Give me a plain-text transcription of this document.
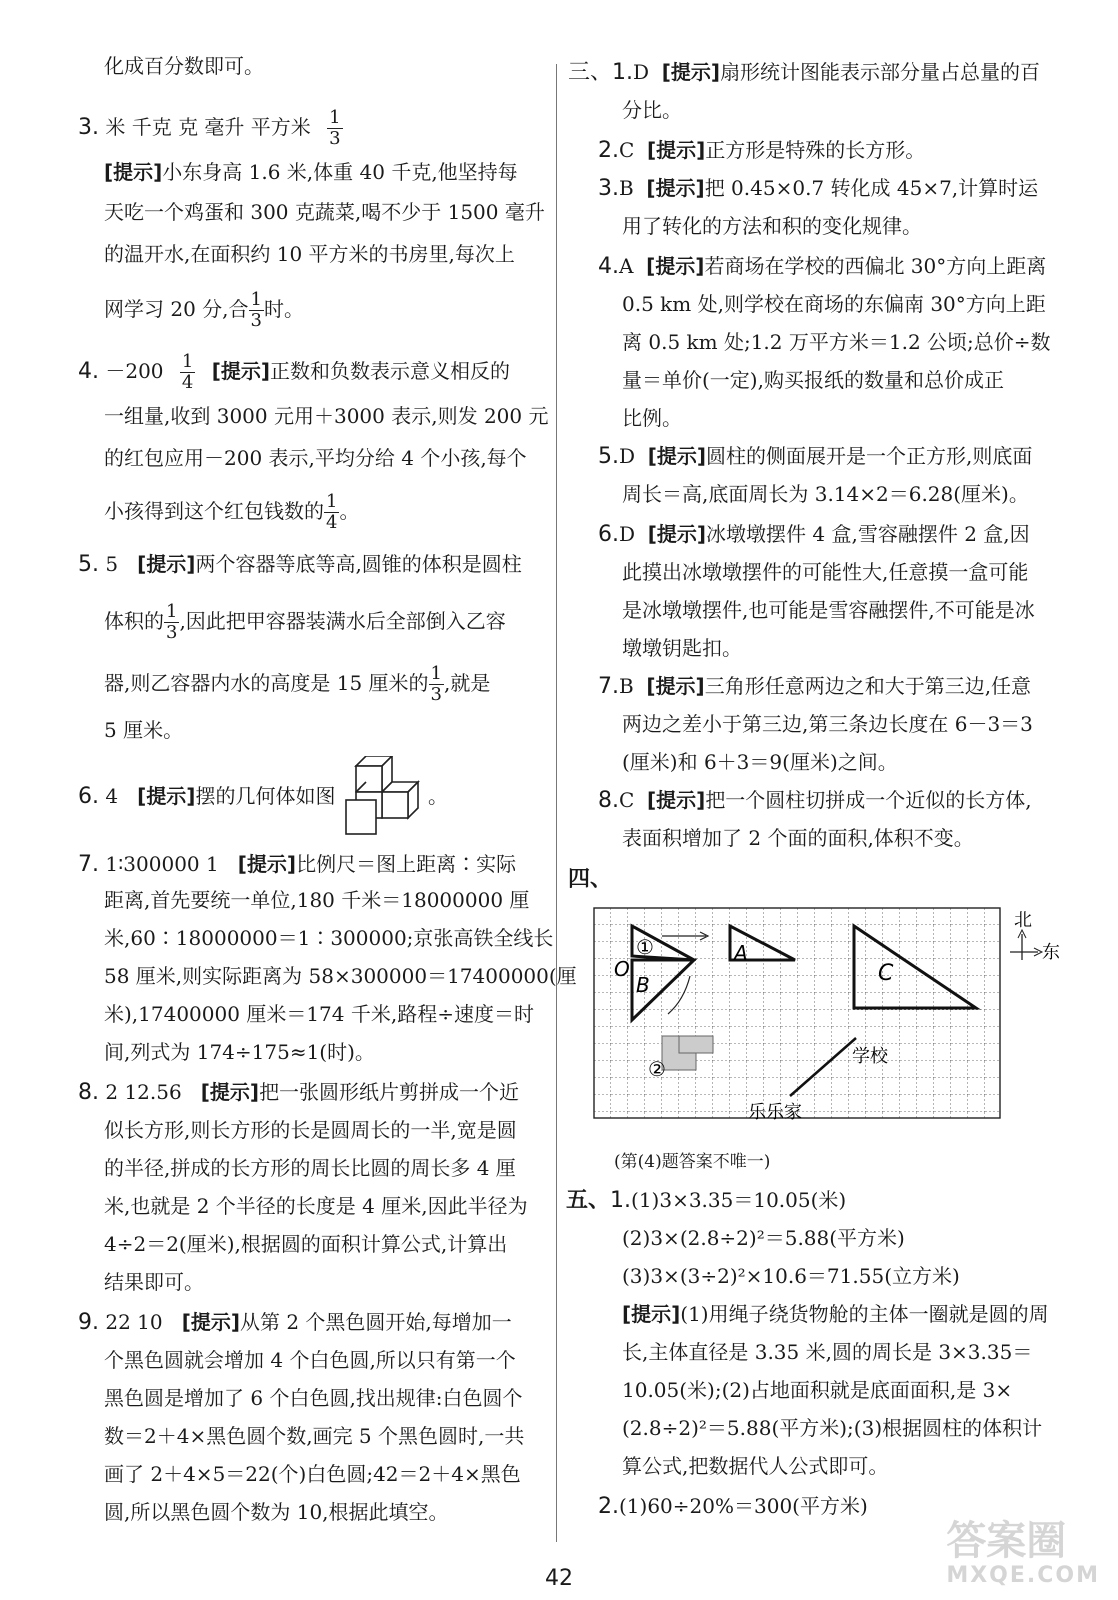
化成百分数即可。
3. 米 千克 克 毫升 平方米 $\frac{1}{3}$
[提示]小东身高 1.6 米,体重 40 千克,他坚持每
天吃一个鸡蛋和 300 克蔬菜,喝不少于 1500 毫升
的温开水,在面积约 10 平方米的书房里,每次上
网学习 20 分,合 $\frac{1}{3}$ 时。
4. $-200 \frac{1}{4}$ [提示]正数和负数表示意义相反的
一组量,收到 3000 元用＋3000 表示,则发 200 元
的红包应用－200 表示,平均分给 4 个小孩,每个
小孩得到这个红包钱数的 $\frac{1}{4}$ 。
5. 5 [提示]两个容器等底等高,圆锥的体积是圆柱
体积的 $\frac{1}{3}$ ,因此把甲容器装满水后全部倒入乙容
器,则乙容器内水的高度是 15 厘米的 $\frac{1}{3}$ ,就是
5 厘米。
6. 4 [提示]摆的几何体如图	。
7. 1∶300000 1 [提示]比例尺＝图上距离∶实际
距离,首先要统一单位,180 千米＝18000000 厘
米,60∶18000000＝1∶300000;京张高铁全线长
58 厘米,则实际距离为 58×300000＝17400000(厘
米),17400000 厘米＝174 千米,路程÷速度＝时
间,列式为 174÷175≈1(时)。
8. 2 12.56 [提示]把一张圆形纸片剪拼成一个近
似长方形,则长方形的长是圆周长的一半,宽是圆
的半径,拼成的长方形的周长比圆的周长多 4 厘
米,也就是 2 个半径的长度是 4 厘米,因此半径为
4÷2＝2(厘米),根据圆的面积计算公式,计算出
结果即可。
9. 22 10 [提示]从第 2 个黑色圆开始,每增加一
个黑色圆就会增加 4 个白色圆,所以只有第一个
黑色圆是增加了 6 个白色圆,找出规律:白色圆个
数＝2＋4×黑色圆个数,画完 5 个黑色圆时,一共
画了 2＋4×5＝22(个)白色圆;42＝2＋4×黑色
圆,所以黑色圆个数为 10,根据此填空。
三、1.D [提示]扇形统计图能表示部分量占总量的百
分比。
2.C [提示]正方形是特殊的长方形。
3.B [提示]把 0.45×0.7 转化成 45×7,计算时运
用了转化的方法和积的变化规律。
4.A [提示]若商场在学校的西偏北 30°方向上距离
0.5 km 处,则学校在商场的东偏南 30°方向上距
离 0.5 km 处;1.2 万平方米＝1.2 公顷;总价÷数
量＝单价(一定),购买报纸的数量和总价成正
比例。
5.D [提示]圆柱的侧面展开是一个正方形,则底面
周长＝高,底面周长为 3.14×2＝6.28(厘米)。
6.D [提示]冰墩墩摆件 4 盒,雪容融摆件 2 盒,因
此摸出冰墩墩摆件的可能性大,任意摸一盒可能
是冰墩墩摆件,也可能是雪容融摆件,不可能是冰
墩墩钥匙扣。
7.B [提示]三角形任意两边之和大于第三边,任意
两边之差小于第三边,第三条边长度在 6－3＝3
(厘米)和 6＋3＝9(厘米)之间。
8.C [提示]把一个圆柱切拼成一个近似的长方体,
表面积增加了 2 个面的面积,体积不变。
四、
①
O
B
A
C
②
学校
乐乐家
北
东
(第(4)题答案不唯一)
五、1.(1)3×3.35＝10.05(米)
(2)3×(2.8÷2)²＝5.88(平方米)
(3)3×(3÷2)²×10.6＝71.55(立方米)
[提示](1)用绳子绕货物舱的主体一圈就是圆的周
长,主体直径是 3.35 米,圆的周长是 3×3.35＝
10.05(米);(2)占地面积就是底面面积,是 3×
(2.8÷2)²＝5.88(平方米);(3)根据圆柱的体积计
算公式,把数据代人公式即可。
2.(1)60÷20%＝300(平方米)
42
答案圈
MXQE.COM
